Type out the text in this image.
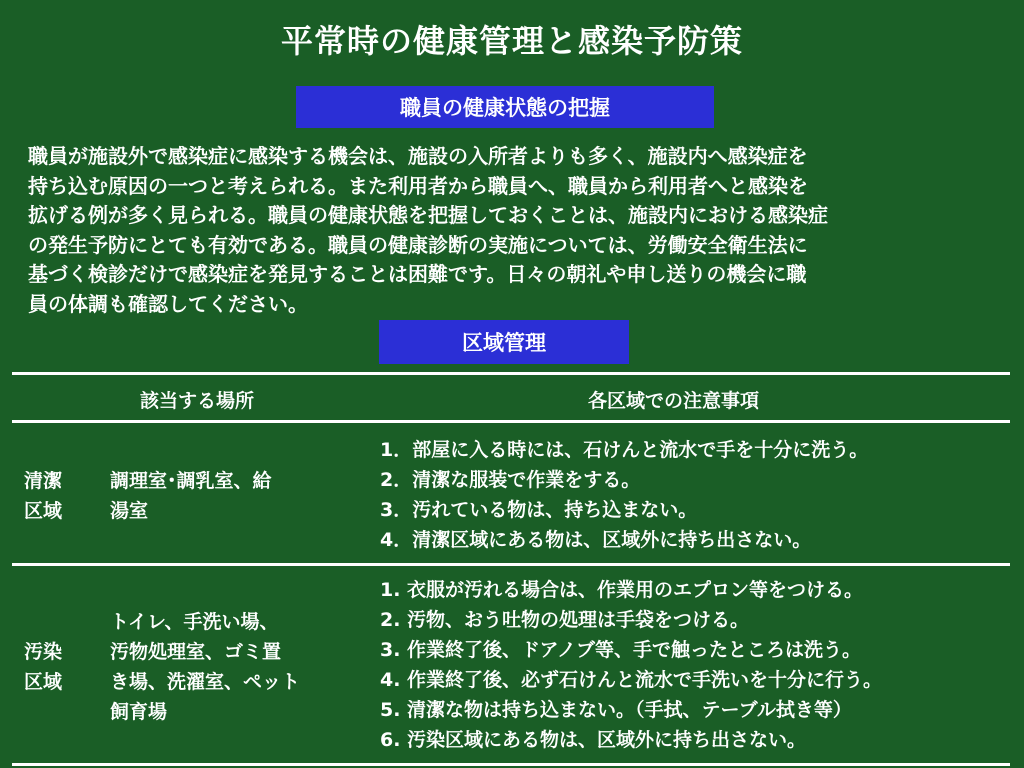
平常時の健康管理と感染予防策
職員の健康状態の把握
職員が施設外で感染症に感染する機会は、施設の入所者よりも多く、施設内へ感染症を
持ち込む原因の一つと考えられる。また利用者から職員へ、職員から利用者へと感染を
拡げる例が多く見られる。職員の健康状態を把握しておくことは、施設内における感染症
の発生予防にとても有効である。職員の健康診断の実施については、労働安全衛生法に
基づく検診だけで感染症を発見することは困難です。日々の朝礼や申し送りの機会に職
員の体調も確認してください。
区域管理
該当する場所	各区域での注意事項
清潔
区域
調理室･調乳室、給
湯室
1．部屋に入る時には、石けんと流水で手を十分に洗う。
2．清潔な服装で作業をする。
3．汚れている物は、持ち込まない。
4．清潔区域にある物は、区域外に持ち出さない。
汚染
区域
トイレ、手洗い場、
汚物処理室、ゴミ置
き場、洗濯室、ペット
飼育場
1. 衣服が汚れる場合は、作業用のエプロン等をつける。
2. 汚物、おう吐物の処理は手袋をつける。
3. 作業終了後、ドアノブ等、手で触ったところは洗う。
4. 作業終了後、必ず石けんと流水で手洗いを十分に行う。
5. 清潔な物は持ち込まない。（手拭、テーブル拭き等）
6. 汚染区域にある物は、区域外に持ち出さない。
